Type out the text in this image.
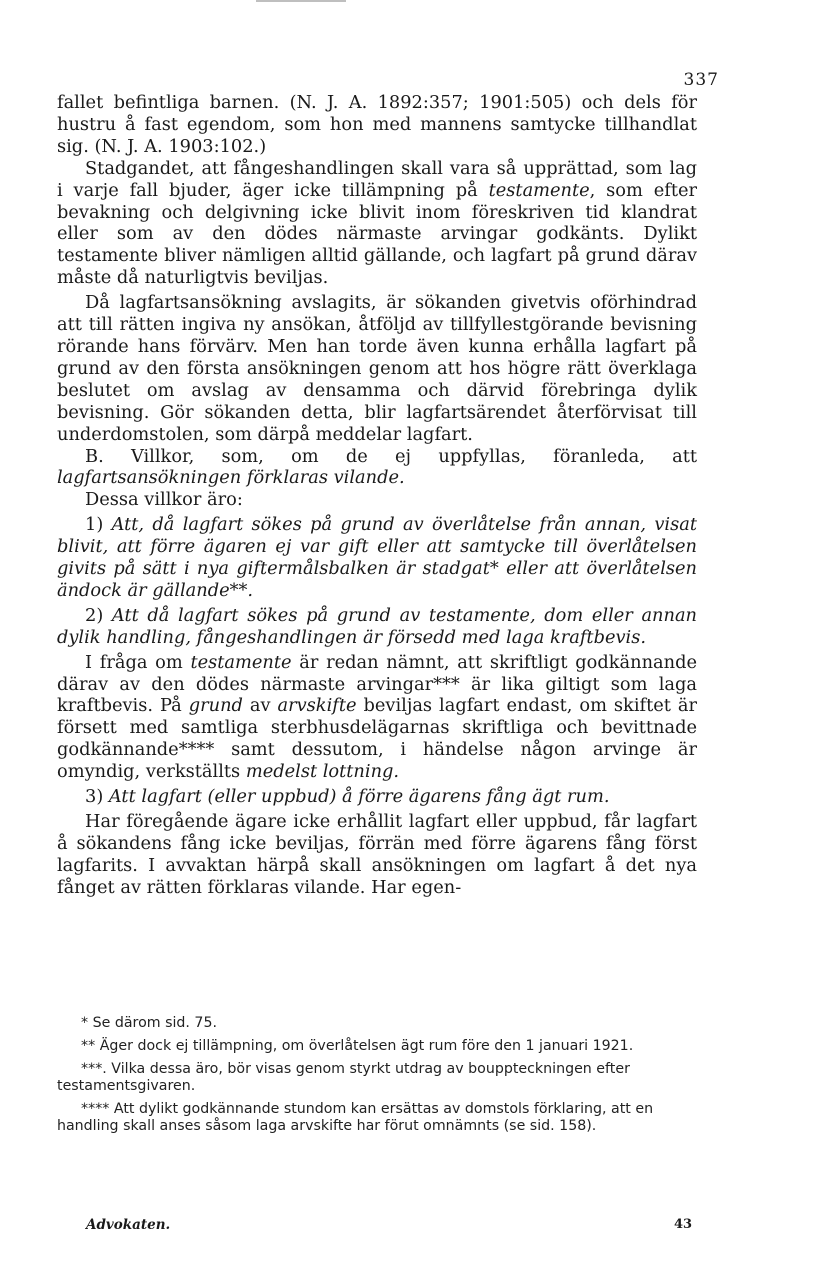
337

fallet befintliga barnen. (N. J. A. 1892:357; 1901:505) och dels för hustru å fast egendom, som hon med mannens samtycke tillhandlat sig. (N. J. A. 1903:102.)

Stadgandet, att fångeshandlingen skall vara så upprättad, som lag i varje fall bjuder, äger icke tillämpning på testamente, som efter bevakning och delgivning icke blivit inom föreskriven tid klandrat eller som av den dödes närmaste arvingar godkänts. Dylikt testamente bliver nämligen alltid gällande, och lagfart på grund därav måste då naturligtvis beviljas.

Då lagfartsansökning avslagits, är sökanden givetvis oförhindrad att till rätten ingiva ny ansökan, åtföljd av tillfyllestgörande bevisning rörande hans förvärv. Men han torde även kunna erhålla lagfart på grund av den första ansökningen genom att hos högre rätt överklaga beslutet om avslag av densamma och därvid förebringa dylik bevisning. Gör sökanden detta, blir lagfartsärendet återförvisat till underdomstolen, som därpå meddelar lagfart.

B. Villkor, som, om de ej uppfyllas, föranleda, att lagfartsansökningen förklaras vilande.

Dessa villkor äro:

1) Att, då lagfart sökes på grund av överlåtelse från annan, visat blivit, att förre ägaren ej var gift eller att samtycke till överlåtelsen givits på sätt i nya giftermålsbalken är stadgat* eller att överlåtelsen ändock är gällande**.

2) Att då lagfart sökes på grund av testamente, dom eller annan dylik handling, fångeshandlingen är försedd med laga kraftbevis.

I fråga om testamente är redan nämnt, att skriftligt godkännande därav av den dödes närmaste arvingar*** är lika giltigt som laga kraftbevis. På grund av arvskifte beviljas lagfart endast, om skiftet är försett med samtliga sterbhusdelägarnas skriftliga och bevittnade godkännande**** samt dessutom, i händelse någon arvinge är omyndig, verkställts medelst lottning.

3) Att lagfart (eller uppbud) å förre ägarens fång ägt rum.

Har föregående ägare icke erhållit lagfart eller uppbud, får lagfart å sökandens fång icke beviljas, förrän med förre ägarens fång först lagfarits. I avvaktan härpå skall ansökningen om lagfart å det nya fånget av rätten förklaras vilande. Har egen-

* Se därom sid. 75.

** Äger dock ej tillämpning, om överlåtelsen ägt rum före den 1 januari 1921.

***. Vilka dessa äro, bör visas genom styrkt utdrag av bouppteckningen efter testamentsgivaren.

**** Att dylikt godkännande stundom kan ersättas av domstols förklaring, att en handling skall anses såsom laga arvskifte har förut omnämnts (se sid. 158).

Advokaten.	43
